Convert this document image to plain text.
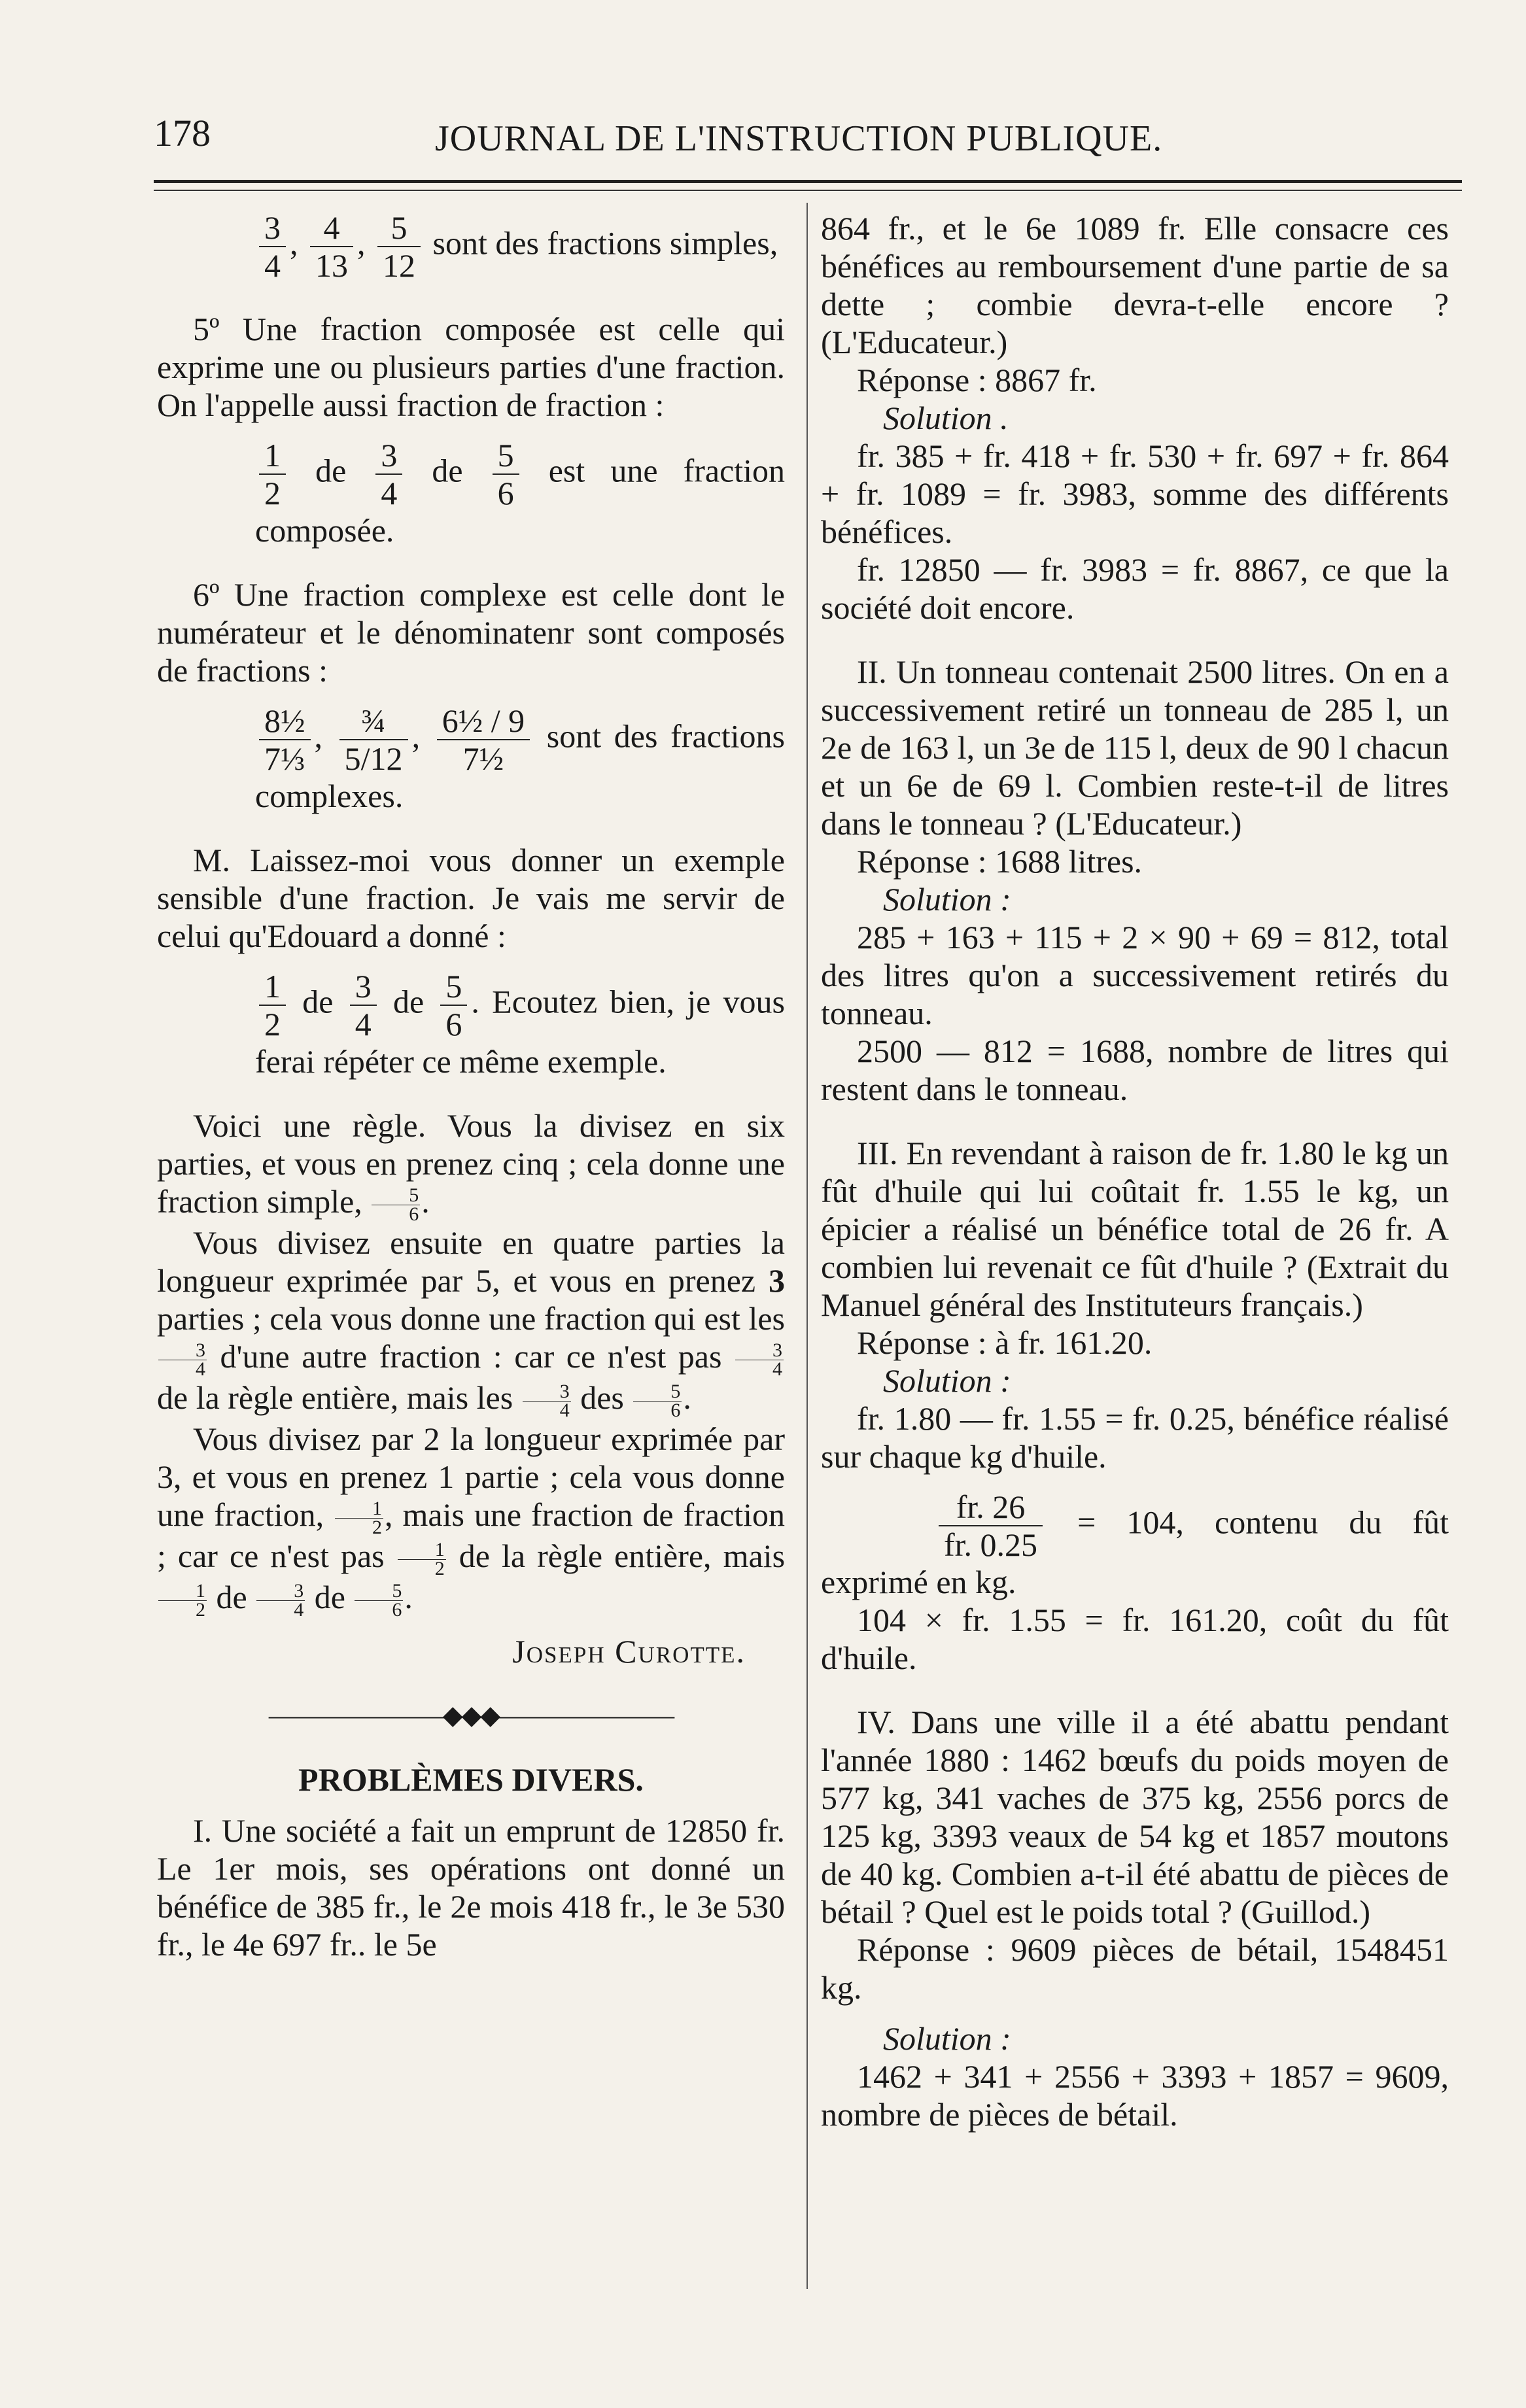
178	JOURNAL DE L'INSTRUCTION PUBLIQUE.

$\frac{3}{4}$ , $\frac{4}{13}$ , $\frac{5}{12}$ sont des fractions simples,

5º Une fraction composée est celle qui exprime une ou plusieurs parties d'une fraction. On l'appelle aussi fraction de fraction :

$\frac{1}{2}$ de $\frac{3}{4}$ de $\frac{5}{6}$ est une fraction composée.

6º Une fraction complexe est celle dont le numérateur et le dénominatenr sont composés de fractions :

$\frac{\text{8½}}{\text{7⅓}}$ , $\frac{\text{¾}}{5/12}$ , $\frac{\text{6½ / 9}}{\text{7½}}$ sont des fractions complexes.

M. Laissez-moi vous donner un exemple sensible d'une fraction. Je vais me servir de celui qu'Edouard a donné :

$\frac{1}{2}$ de $\frac{3}{4}$ de $\frac{5}{6}$ . Ecoutez bien, je vous ferai répéter ce même exemple.

Voici une règle. Vous la divisez en six parties, et vous en prenez cinq ; cela donne une fraction simple, $\frac{5}{6}$ .

Vous divisez ensuite en quatre parties la longueur exprimée par 5, et vous en prenez 3 parties ; cela vous donne une fraction qui est les
$\frac{3}{4} d'une$ autre fraction : car ce n'est pas $\frac{3}{4}$
de la règle entière, mais les $\frac{3}{4}$ des $\frac{5}{6}$ .

Vous divisez par 2 la longueur exprimée par 3, et vous en prenez 1 partie ; cela vous donne une fraction, $\frac{1}{2}$ , mais une fraction de fraction ; car ce n'est pas $\frac{1}{2}$ de la règle entière, mais
$\frac{1}{2}$ de $\frac{3}{4}$ de $\frac{5}{6}$ .

Joseph Curotte.

———————◆◆◆———————

PROBLÈMES DIVERS.

I. Une société a fait un emprunt de 12850 fr. Le 1er mois, ses opérations ont donné un bénéfice de 385 fr., le 2e mois 418 fr., le 3e 530 fr., le 4e 697 fr.. le 5e

864 fr., et le 6e 1089 fr. Elle consacre ces bénéfices au remboursement d'une partie de sa dette ; combie devra-t-elle encore ? (L'Educateur.)

Réponse : 8867 fr.

Solution .

fr. 385 + fr. 418 + fr. 530 + fr. 697 + fr. 864 + fr. 1089 = fr. 3983, somme des différents bénéfices.

fr. 12850 — fr. 3983 = fr. 8867, ce que la société doit encore.

II. Un tonneau contenait 2500 litres. On en a successivement retiré un tonneau de 285 l, un 2e de 163 l, un 3e de 115 l, deux de 90 l chacun et un 6e de 69 l. Combien reste-t-il de litres dans le tonneau ? (L'Educateur.)

Réponse : 1688 litres.

Solution :

285 + 163 + 115 + 2 × 90 + 69 = 812, total des litres qu'on a successivement retirés du tonneau.

2500 — 812 = 1688, nombre de litres qui restent dans le tonneau.

III. En revendant à raison de fr. 1.80 le kg un fût d'huile qui lui coûtait fr. 1.55 le kg, un épicier a réalisé un bénéfice total de 26 fr. A combien lui revenait ce fût d'huile ? (Extrait du Manuel général des Instituteurs français.)

Réponse : à fr. 161.20.

Solution :

fr. 1.80 — fr. 1.55 = fr. 0.25, bénéfice réalisé sur chaque kg d'huile.

$\frac{fr. 26}{fr. 0.25} = 104$, contenu du fût exprimé en kg.

104 × fr. 1.55 = fr. 161.20, coût du fût d'huile.

IV. Dans une ville il a été abattu pendant l'année 1880 : 1462 bœufs du poids moyen de 577 kg, 341 vaches de 375 kg, 2556 porcs de 125 kg, 3393 veaux de 54 kg et 1857 moutons de 40 kg. Combien a-t-il été abattu de pièces de bétail ? Quel est le poids total ? (Guillod.)

Réponse : 9609 pièces de bétail, 1548451 kg.

Solution :

1462 + 341 + 2556 + 3393 + 1857 = 9609, nombre de pièces de bétail.
